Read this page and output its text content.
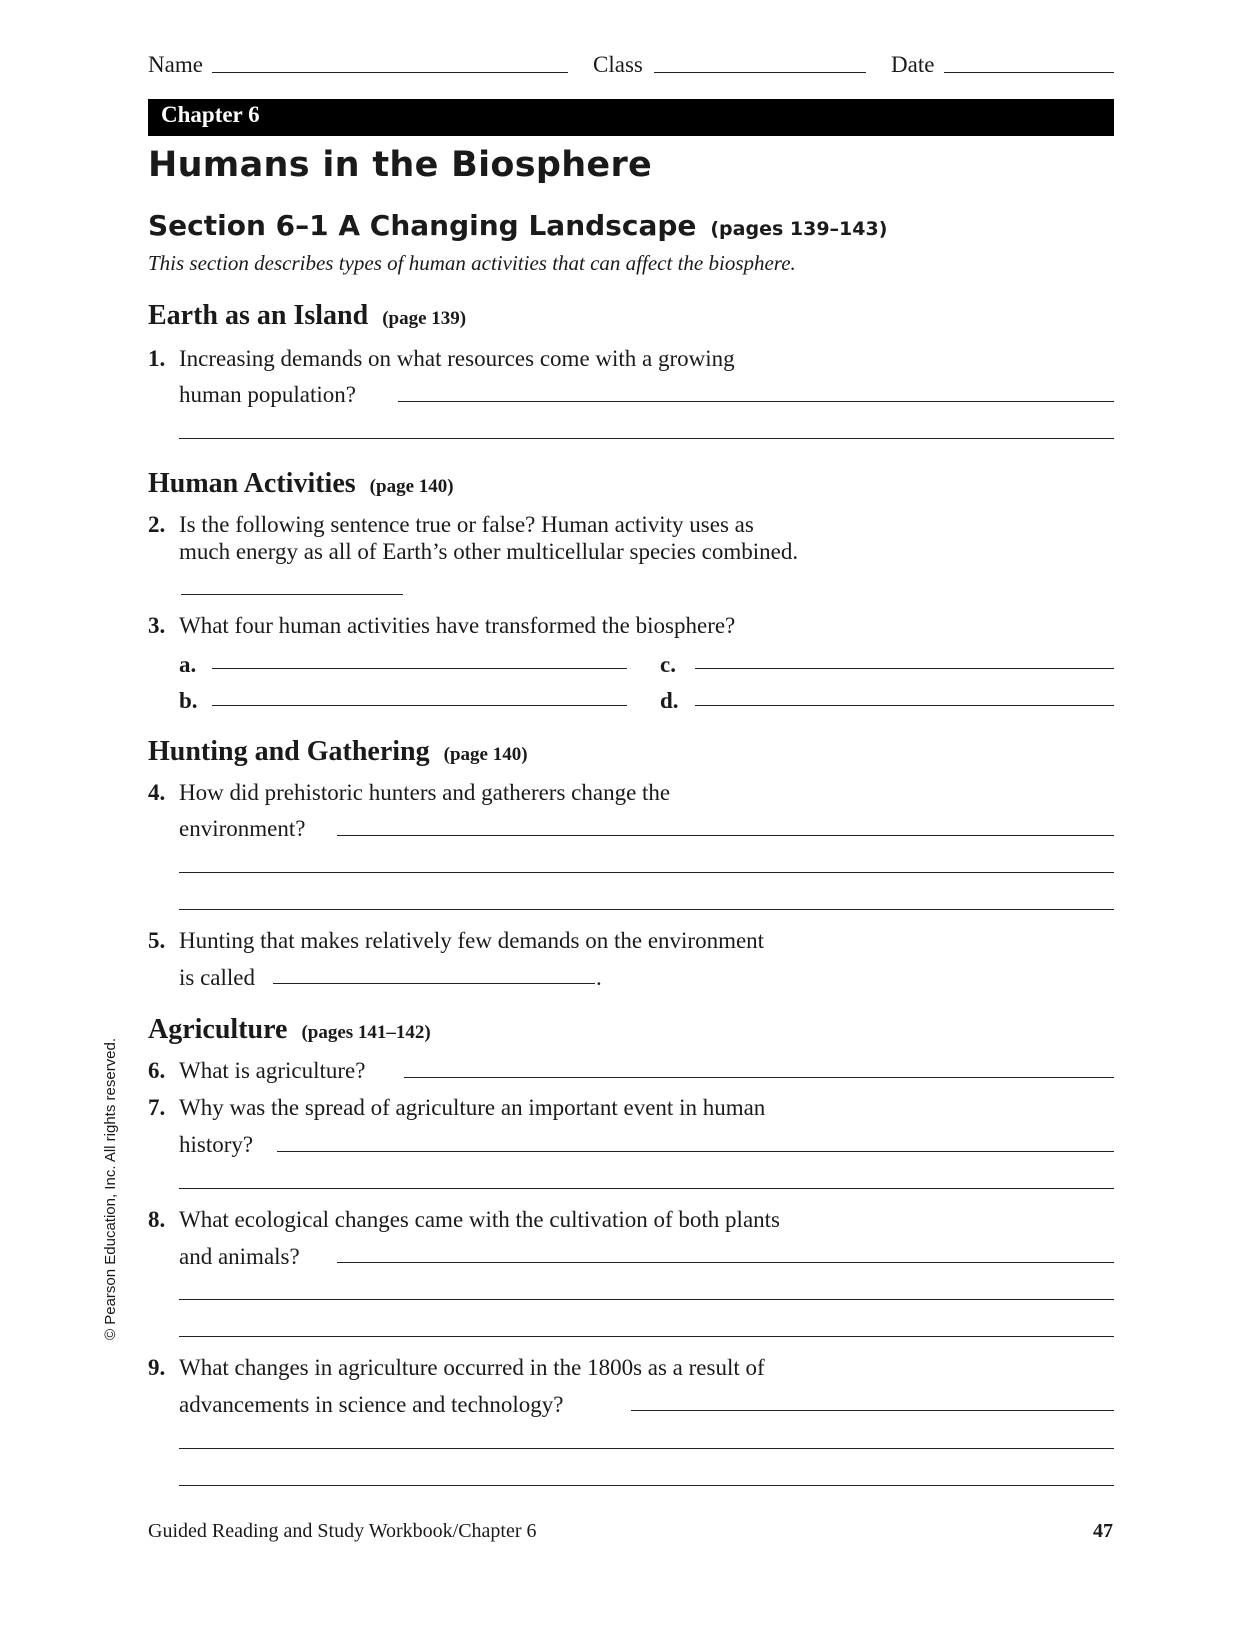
Name	Class	Date
Chapter 6
Humans in the Biosphere
Section 6–1 A Changing Landscape (pages 139–143)
This section describes types of human activities that can affect the biosphere.
Earth as an Island (page 139)
1. Increasing demands on what resources come with a growing
human population?
Human Activities (page 140)
2. Is the following sentence true or false? Human activity uses as
much energy as all of Earth’s other multicellular species combined.
3. What four human activities have transformed the biosphere?
a.	c.
b.	d.
Hunting and Gathering (page 140)
4. How did prehistoric hunters and gatherers change the
environment?
5. Hunting that makes relatively few demands on the environment
is called	.
Agriculture (pages 141–142)
6. What is agriculture?
7. Why was the spread of agriculture an important event in human
history?
8. What ecological changes came with the cultivation of both plants
and animals?
9. What changes in agriculture occurred in the 1800s as a result of
advancements in science and technology?
© Pearson Education, Inc. All rights reserved.
Guided Reading and Study Workbook/Chapter 6	47
